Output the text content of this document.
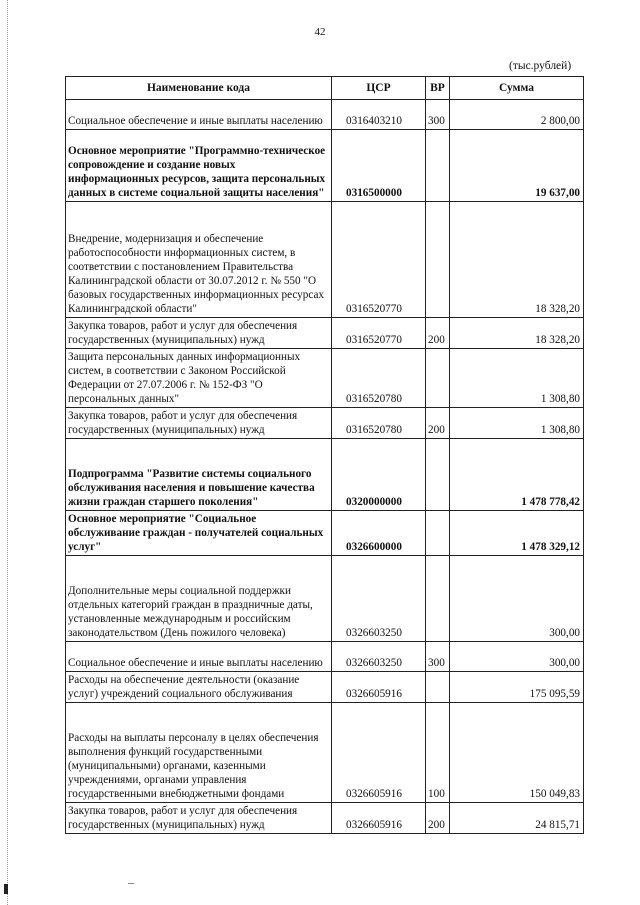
42
(тыс.рублей)
Наименование кода	ЦСР	ВР	Сумма
Социальное обеспечение и иные выплаты населению	0316403210	300	2 800,00
Основное мероприятие "Программно-техническое сопровождение и создание новых информационных ресурсов, защита персональных данных в системе социальной защиты населения"	0316500000		19 637,00
Внедрение, модернизация и обеспечение работоспособности информационных систем, в соответствии с постановлением Правительства Калининградской области от 30.07.2012 г. № 550 "О базовых государственных информационных ресурсах Калининградской области"	0316520770		18 328,20
Закупка товаров, работ и услуг для обеспечения государственных (муниципальных) нужд	0316520770	200	18 328,20
Защита персональных данных информационных систем, в соответствии с Законом Российской Федерации от 27.07.2006 г. № 152-ФЗ "О персональных данных"	0316520780		1 308,80
Закупка товаров, работ и услуг для обеспечения государственных (муниципальных) нужд	0316520780	200	1 308,80
Подпрограмма "Развитие системы социального обслуживания населения и повышение качества жизни граждан старшего поколения"	0320000000		1 478 778,42
Основное мероприятие "Социальное обслуживание граждан - получателей социальных услуг"	0326600000		1 478 329,12
Дополнительные меры социальной поддержки отдельных категорий граждан в праздничные даты, установленные международным и российским законодательством (День пожилого человека)	0326603250		300,00
Социальное обеспечение и иные выплаты населению	0326603250	300	300,00
Расходы на обеспечение деятельности (оказание услуг) учреждений социального обслуживания	0326605916		175 095,59
Расходы на выплаты персоналу в целях обеспечения выполнения функций государственными (муниципальными) органами, казенными учреждениями, органами управления государственными внебюджетными фондами	0326605916	100	150 049,83
Закупка товаров, работ и услуг для обеспечения государственных (муниципальных) нужд	0326605916	200	24 815,71
